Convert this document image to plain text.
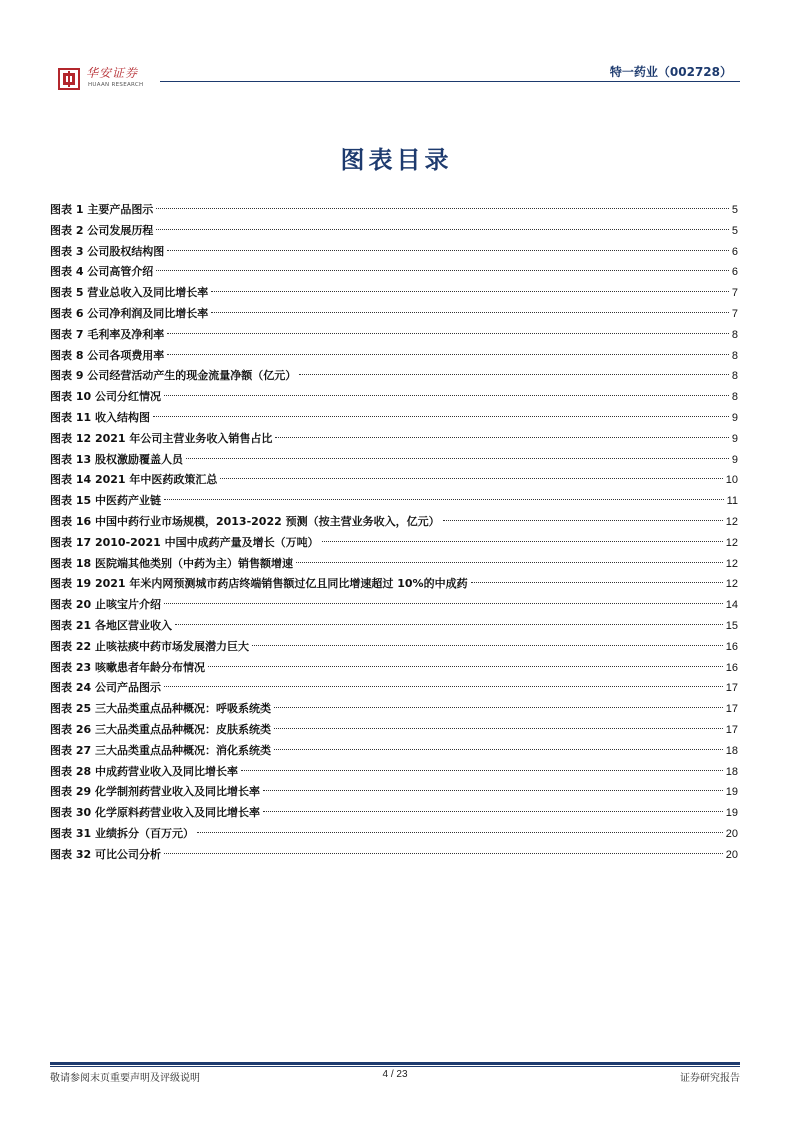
华安证券
HUAAN RESEARCH
特一药业（002728）
图表目录
图表 1 主要产品图示	5
图表 2 公司发展历程	5
图表 3 公司股权结构图	6
图表 4 公司高管介绍	6
图表 5 营业总收入及同比增长率	7
图表 6 公司净利润及同比增长率	7
图表 7 毛利率及净利率	8
图表 8 公司各项费用率	8
图表 9 公司经营活动产生的现金流量净额（亿元）	8
图表 10 公司分红情况	8
图表 11 收入结构图	9
图表 12 2021 年公司主营业务收入销售占比	9
图表 13 股权激励覆盖人员	9
图表 14 2021 年中医药政策汇总	10
图表 15 中医药产业链	11
图表 16 中国中药行业市场规模，2013-2022 预测（按主营业务收入，亿元）	12
图表 17 2010-2021 中国中成药产量及增长（万吨）	12
图表 18 医院端其他类别（中药为主）销售额增速	12
图表 19 2021 年米内网预测城市药店终端销售额过亿且同比增速超过 10%的中成药	12
图表 20 止咳宝片介绍	14
图表 21 各地区营业收入	15
图表 22 止咳祛痰中药市场发展潜力巨大	16
图表 23 咳嗽患者年龄分布情况	16
图表 24 公司产品图示	17
图表 25 三大品类重点品种概况：呼吸系统类	17
图表 26 三大品类重点品种概况：皮肤系统类	17
图表 27 三大品类重点品种概况：消化系统类	18
图表 28 中成药营业收入及同比增长率	18
图表 29 化学制剂药营业收入及同比增长率	19
图表 30 化学原料药营业收入及同比增长率	19
图表 31 业绩拆分（百万元）	20
图表 32 可比公司分析	20
敬请参阅末页重要声明及评级说明	4 / 23	证券研究报告
